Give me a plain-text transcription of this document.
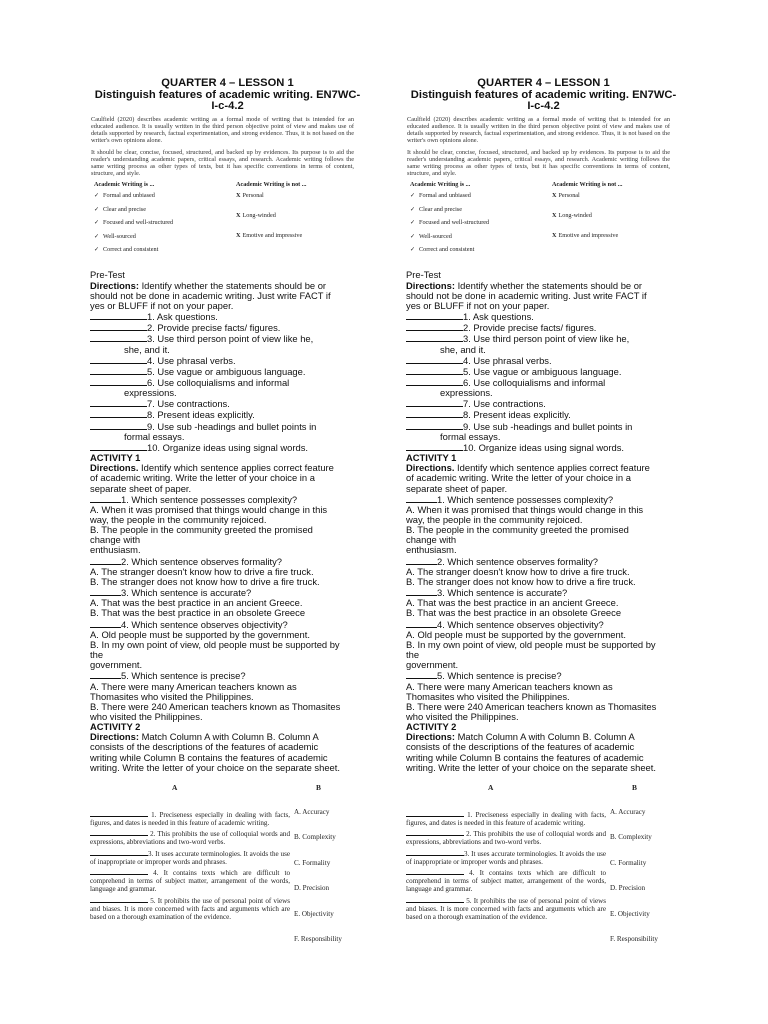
QUARTER 4 – LESSON 1
Distinguish features of academic writing. EN7WC-
I-c-4.2

Caulfield (2020) describes academic writing as a formal mode of writing that is intended for an educated audience. It is usually written in the third person objective point of view and makes use of details supported by research, factual experimentation, and strong evidence. Thus, it is not based on the writer's own opinions alone.

It should be clear, concise, focused, structured, and backed up by evidences. Its purpose is to aid the reader's understanding academic papers, critical essays, and research. Academic writing follows the same writing process as other types of texts, but it has specific conventions in terms of content, structure, and style.

Academic Writing is ...
✓ Formal and unbiased
✓ Clear and precise
✓ Focused and well-structured
✓ Well-sourced
✓ Correct and consistent
Academic Writing is not ...
X Personal
X Long-winded
X Emotive and impressive
Pre-Test
Directions: Identify whether the statements should be or
should not be done in academic writing. Just write FACT if
yes or BLUFF if not on your paper.
1. Ask questions.
2. Provide precise facts/ figures.
3. Use third person point of view like he,
she, and it.
4. Use phrasal verbs.
5. Use vague or ambiguous language.
6. Use colloquialisms and informal
expressions.
7. Use contractions.
8. Present ideas explicitly.
9. Use sub -headings and bullet points in
formal essays.
10. Organize ideas using signal words.
ACTIVITY 1
Directions. Identify which sentence applies correct feature
of academic writing. Write the letter of your choice in a
separate sheet of paper.
1. Which sentence possesses complexity?
A. When it was promised that things would change in this
way, the people in the community rejoiced.
B. The people in the community greeted the promised
change with
enthusiasm.
2. Which sentence observes formality?
A. The stranger doesn't know how to drive a fire truck.
B. The stranger does not know how to drive a fire truck.
3. Which sentence is accurate?
A. That was the best practice in an ancient Greece.
B. That was the best practice in an obsolete Greece
4. Which sentence observes objectivity?
A. Old people must be supported by the government.
B. In my own point of view, old people must be supported by
the
government.
5. Which sentence is precise?
A. There were many American teachers known as
Thomasites who visited the Philippines.
B. There were 240 American teachers known as Thomasites
who visited the Philippines.
ACTIVITY 2
Directions: Match Column A with Column B. Column A
consists of the descriptions of the features of academic
writing while Column B contains the features of academic
writing. Write the letter of your choice on the separate sheet.
A	B
1. Preciseness especially in dealing with facts, figures, and dates is needed in this feature of academic writing.
2. This prohibits the use of colloquial words and expressions, abbreviations and two-word verbs.
3. It uses accurate terminologies. It avoids the use of inappropriate or improper words and phrases.
4. It contains texts which are difficult to comprehend in terms of subject matter, arrangement of the words, language and grammar.
5. It prohibits the use of personal point of views and biases. It is more concerned with facts and arguments which are based on a thorough examination of the evidence.
A. Accuracy
B. Complexity
C. Formality
D. Precision
E. Objectivity
F. Responsibility
QUARTER 4 – LESSON 1
Distinguish features of academic writing. EN7WC-
I-c-4.2

Caulfield (2020) describes academic writing as a formal mode of writing that is intended for an educated audience. It is usually written in the third person objective point of view and makes use of details supported by research, factual experimentation, and strong evidence. Thus, it is not based on the writer's own opinions alone.

It should be clear, concise, focused, structured, and backed up by evidences. Its purpose is to aid the reader's understanding academic papers, critical essays, and research. Academic writing follows the same writing process as other types of texts, but it has specific conventions in terms of content, structure, and style.

Academic Writing is ...
✓ Formal and unbiased
✓ Clear and precise
✓ Focused and well-structured
✓ Well-sourced
✓ Correct and consistent
Academic Writing is not ...
X Personal
X Long-winded
X Emotive and impressive
Pre-Test
Directions: Identify whether the statements should be or
should not be done in academic writing. Just write FACT if
yes or BLUFF if not on your paper.
1. Ask questions.
2. Provide precise facts/ figures.
3. Use third person point of view like he,
she, and it.
4. Use phrasal verbs.
5. Use vague or ambiguous language.
6. Use colloquialisms and informal
expressions.
7. Use contractions.
8. Present ideas explicitly.
9. Use sub -headings and bullet points in
formal essays.
10. Organize ideas using signal words.
ACTIVITY 1
Directions. Identify which sentence applies correct feature
of academic writing. Write the letter of your choice in a
separate sheet of paper.
1. Which sentence possesses complexity?
A. When it was promised that things would change in this
way, the people in the community rejoiced.
B. The people in the community greeted the promised
change with
enthusiasm.
2. Which sentence observes formality?
A. The stranger doesn't know how to drive a fire truck.
B. The stranger does not know how to drive a fire truck.
3. Which sentence is accurate?
A. That was the best practice in an ancient Greece.
B. That was the best practice in an obsolete Greece
4. Which sentence observes objectivity?
A. Old people must be supported by the government.
B. In my own point of view, old people must be supported by
the
government.
5. Which sentence is precise?
A. There were many American teachers known as
Thomasites who visited the Philippines.
B. There were 240 American teachers known as Thomasites
who visited the Philippines.
ACTIVITY 2
Directions: Match Column A with Column B. Column A
consists of the descriptions of the features of academic
writing while Column B contains the features of academic
writing. Write the letter of your choice on the separate sheet.
A	B
1. Preciseness especially in dealing with facts, figures, and dates is needed in this feature of academic writing.
2. This prohibits the use of colloquial words and expressions, abbreviations and two-word verbs.
3. It uses accurate terminologies. It avoids the use of inappropriate or improper words and phrases.
4. It contains texts which are difficult to comprehend in terms of subject matter, arrangement of the words, language and grammar.
5. It prohibits the use of personal point of views and biases. It is more concerned with facts and arguments which are based on a thorough examination of the evidence.
A. Accuracy
B. Complexity
C. Formality
D. Precision
E. Objectivity
F. Responsibility
